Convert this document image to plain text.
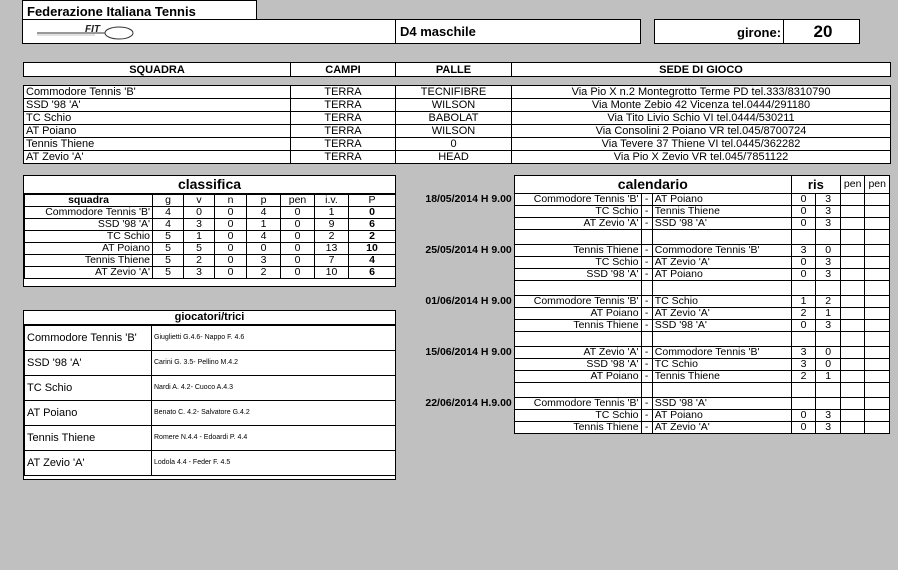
Federazione Italiana Tennis
FIT	D4 maschile	girone:	20
SQUADRA	CAMPI	PALLE	SEDE DI GIOCO
Commodore Tennis 'B'	TERRA	TECNIFIBRE	Via Pio X n.2 Montegrotto Terme PD tel.333/8310790
SSD '98 'A'	TERRA	WILSON	Via Monte Zebio 42 Vicenza tel.0444/291180
TC Schio	TERRA	BABOLAT	Via Tito Livio Schio VI tel.0444/530211
AT Poiano	TERRA	WILSON	Via Consolini 2 Poiano VR tel.045/8700724
Tennis Thiene	TERRA	0	Via Tevere 37 Thiene VI tel.0445/362282
AT Zevio 'A'	TERRA	HEAD	Via Pio X Zevio VR tel.045/7851122
classifica
squadra	g	v	n	p	pen	i.v.	P
Commodore Tennis 'B'	4	0	0	4	0	1	0
SSD '98 'A'	4	3	0	1	0	9	6
TC Schio	5	1	0	4	0	2	2
AT Poiano	5	5	0	0	0	13	10
Tennis Thiene	5	2	0	3	0	7	4
AT Zevio 'A'	5	3	0	2	0	10	6
giocatori/trici
Commodore Tennis 'B'	Giuglietti G.4.6- Nappo F. 4.6
SSD '98 'A'	Carini G. 3.5- Pellino M.4.2
TC Schio	Nardi A. 4.2- Cuoco A.4.3
AT Poiano	Benato C. 4.2- Salvatore G.4.2
Tennis Thiene	Romere N.4.4 - Edoardi P. 4.4
AT Zevio 'A'	Lodola 4.4 - Feder F. 4.5
	calendario			ris		pen	pen
18/05/2014 H 9.00	Commodore Tennis 'B'	-	AT Poiano	0	3		
	TC Schio	-	Tennis Thiene	0	3		
	AT Zevio 'A'	-	SSD '98 'A'	0	3		

25/05/2014 H 9.00	Tennis Thiene	-	Commodore Tennis 'B'	3	0		
	TC Schio	-	AT Zevio 'A'	0	3		
	SSD '98 'A'	-	AT Poiano	0	3		

01/06/2014 H 9.00	Commodore Tennis 'B'	-	TC Schio	1	2		
	AT Poiano	-	AT Zevio 'A'	2	1		
	Tennis Thiene	-	SSD '98 'A'	0	3		

15/06/2014 H 9.00	AT Zevio 'A'	-	Commodore Tennis 'B'	3	0		
	SSD '98 'A'	-	TC Schio	3	0		
	AT Poiano	-	Tennis Thiene	2	1		

22/06/2014 H.9.00	Commodore Tennis 'B'	-	SSD '98 'A'				
	TC Schio	-	AT Poiano	0	3		
	Tennis Thiene	-	AT Zevio 'A'	0	3		
